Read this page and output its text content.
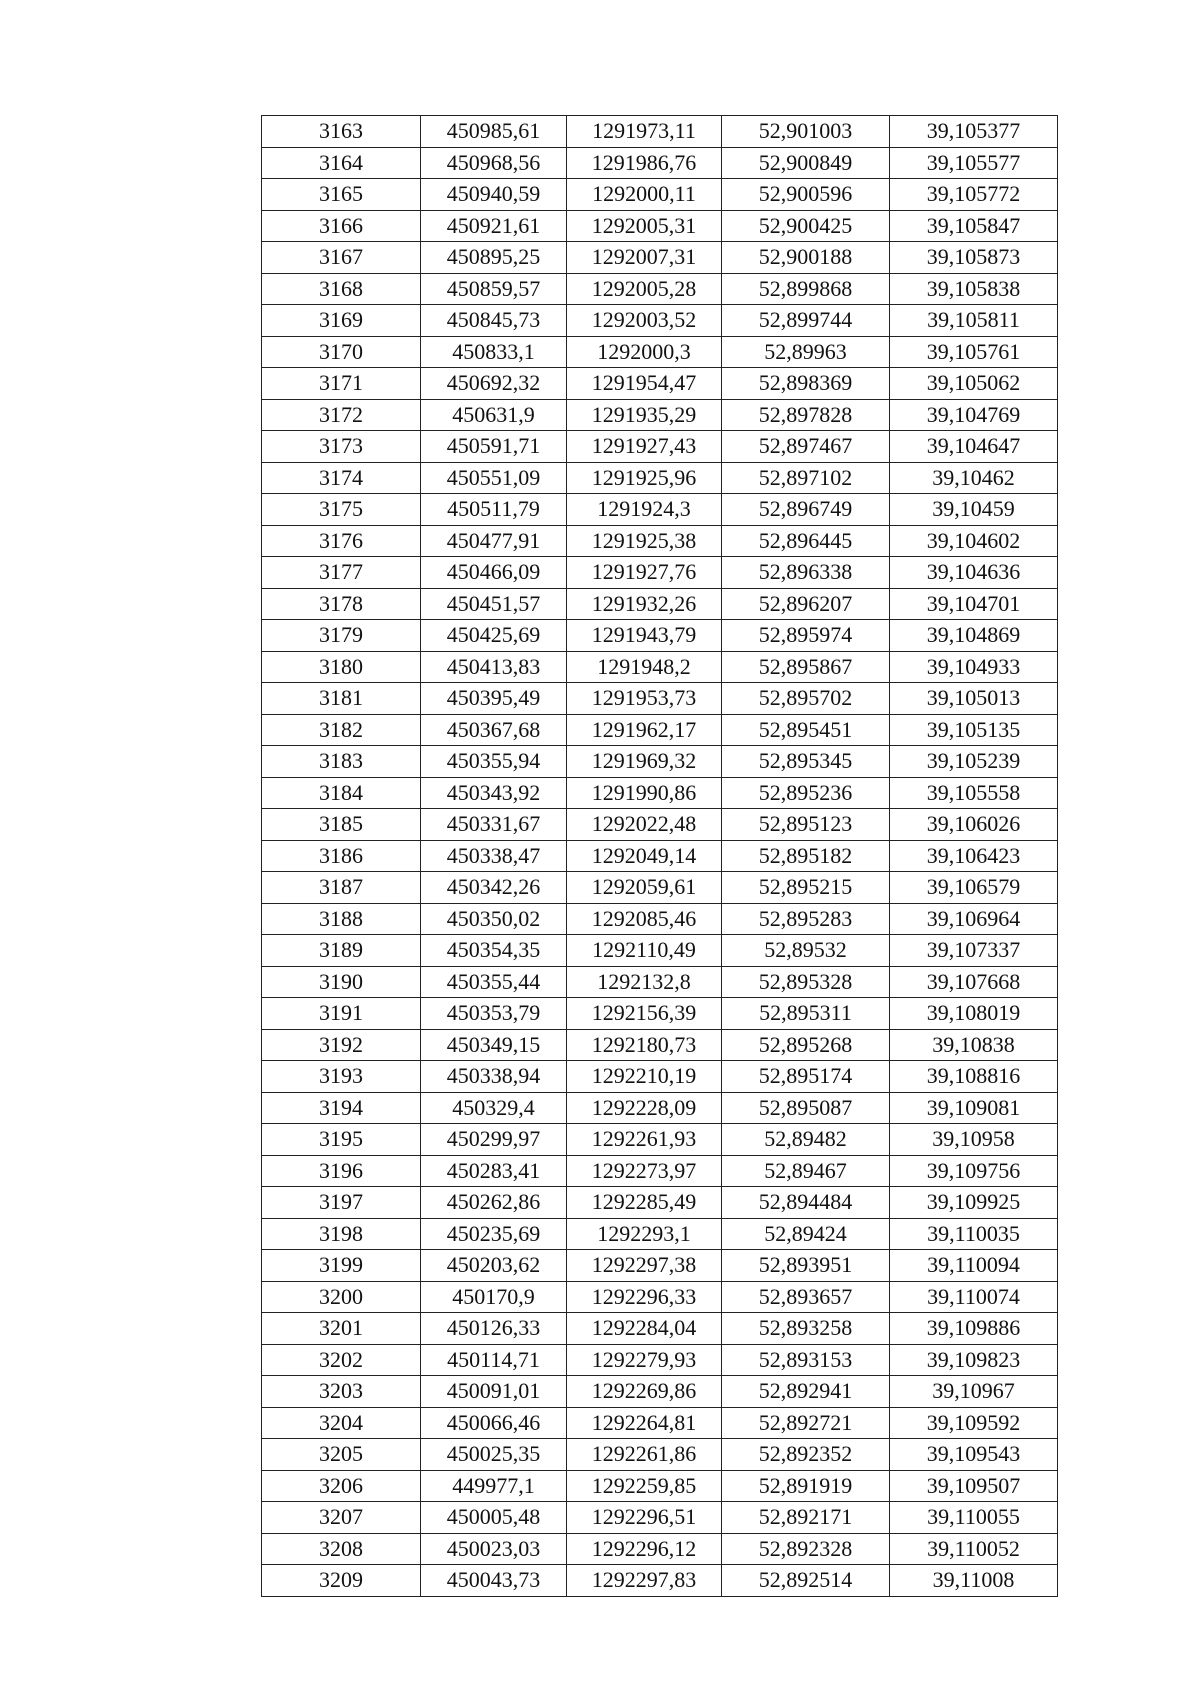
3163	450985,61	1291973,11	52,901003	39,105377
3164	450968,56	1291986,76	52,900849	39,105577
3165	450940,59	1292000,11	52,900596	39,105772
3166	450921,61	1292005,31	52,900425	39,105847
3167	450895,25	1292007,31	52,900188	39,105873
3168	450859,57	1292005,28	52,899868	39,105838
3169	450845,73	1292003,52	52,899744	39,105811
3170	450833,1	1292000,3	52,89963	39,105761
3171	450692,32	1291954,47	52,898369	39,105062
3172	450631,9	1291935,29	52,897828	39,104769
3173	450591,71	1291927,43	52,897467	39,104647
3174	450551,09	1291925,96	52,897102	39,10462
3175	450511,79	1291924,3	52,896749	39,10459
3176	450477,91	1291925,38	52,896445	39,104602
3177	450466,09	1291927,76	52,896338	39,104636
3178	450451,57	1291932,26	52,896207	39,104701
3179	450425,69	1291943,79	52,895974	39,104869
3180	450413,83	1291948,2	52,895867	39,104933
3181	450395,49	1291953,73	52,895702	39,105013
3182	450367,68	1291962,17	52,895451	39,105135
3183	450355,94	1291969,32	52,895345	39,105239
3184	450343,92	1291990,86	52,895236	39,105558
3185	450331,67	1292022,48	52,895123	39,106026
3186	450338,47	1292049,14	52,895182	39,106423
3187	450342,26	1292059,61	52,895215	39,106579
3188	450350,02	1292085,46	52,895283	39,106964
3189	450354,35	1292110,49	52,89532	39,107337
3190	450355,44	1292132,8	52,895328	39,107668
3191	450353,79	1292156,39	52,895311	39,108019
3192	450349,15	1292180,73	52,895268	39,10838
3193	450338,94	1292210,19	52,895174	39,108816
3194	450329,4	1292228,09	52,895087	39,109081
3195	450299,97	1292261,93	52,89482	39,10958
3196	450283,41	1292273,97	52,89467	39,109756
3197	450262,86	1292285,49	52,894484	39,109925
3198	450235,69	1292293,1	52,89424	39,110035
3199	450203,62	1292297,38	52,893951	39,110094
3200	450170,9	1292296,33	52,893657	39,110074
3201	450126,33	1292284,04	52,893258	39,109886
3202	450114,71	1292279,93	52,893153	39,109823
3203	450091,01	1292269,86	52,892941	39,10967
3204	450066,46	1292264,81	52,892721	39,109592
3205	450025,35	1292261,86	52,892352	39,109543
3206	449977,1	1292259,85	52,891919	39,109507
3207	450005,48	1292296,51	52,892171	39,110055
3208	450023,03	1292296,12	52,892328	39,110052
3209	450043,73	1292297,83	52,892514	39,11008
